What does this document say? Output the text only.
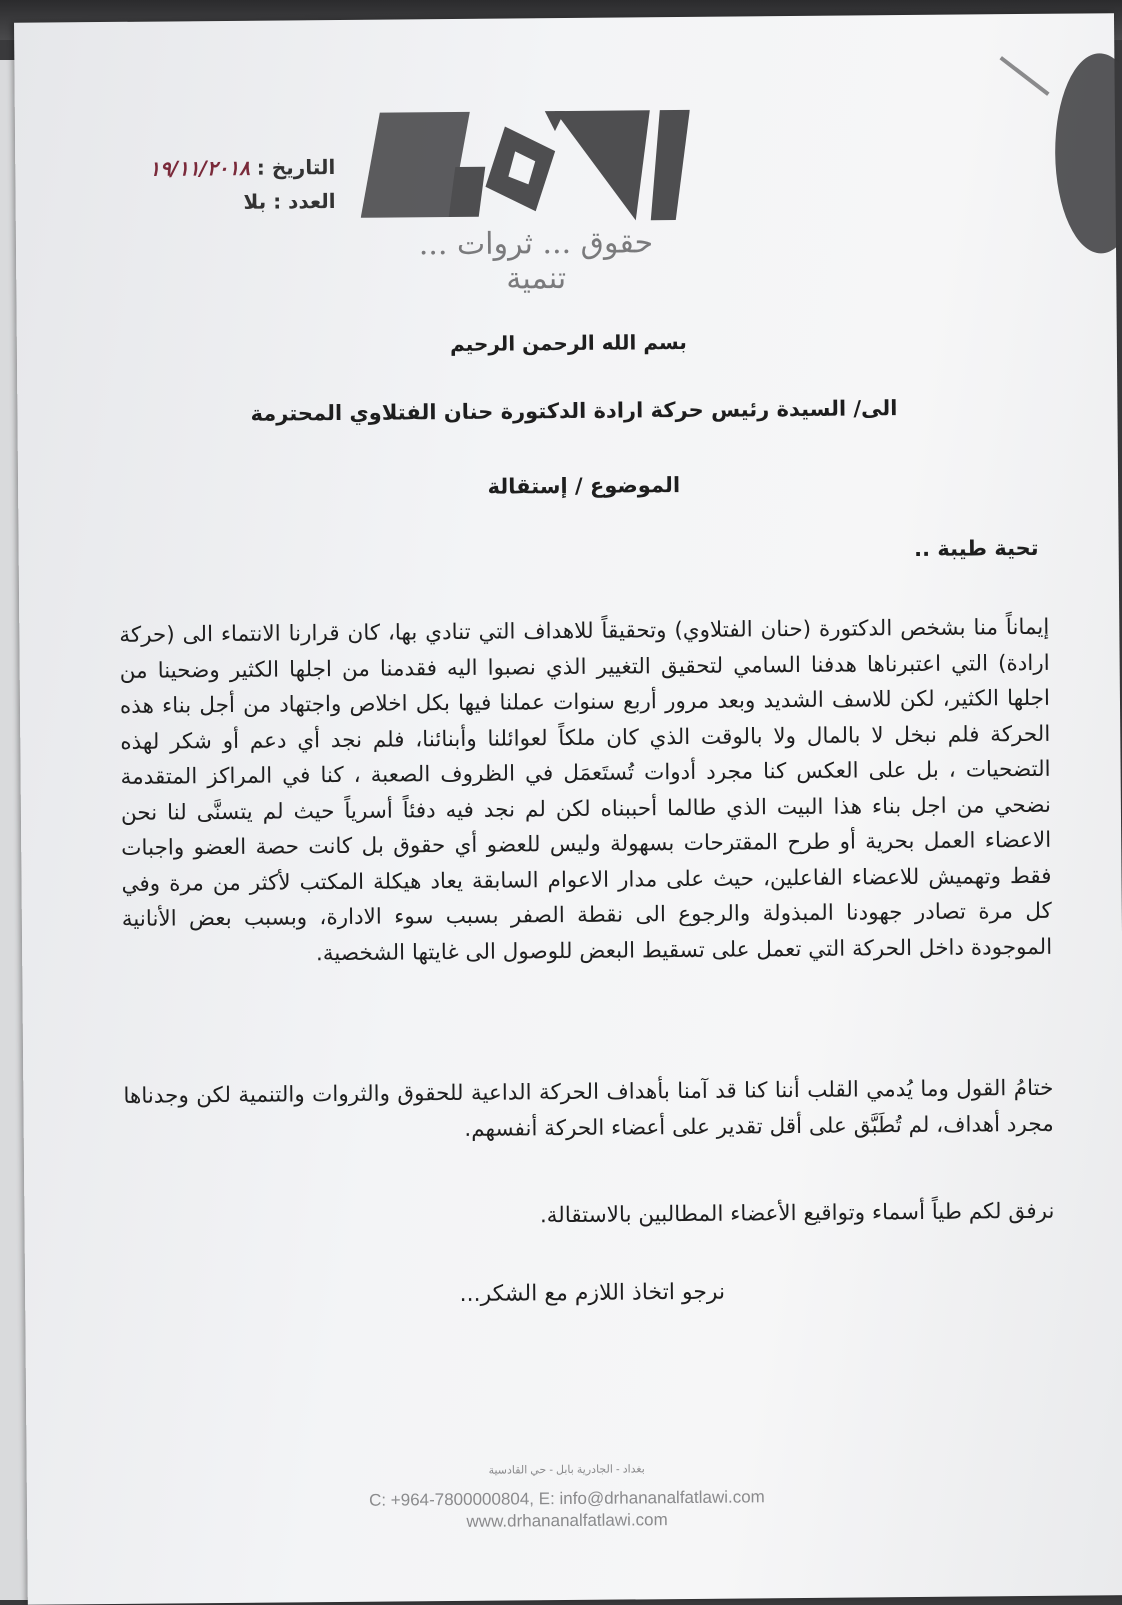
حقوق ... ثروات ... تنمية
التاريخ : ١٩/١١/٢٠١٨
العدد : بلا
بسم الله الرحمن الرحيم
الى/ السيدة رئيس حركة ارادة الدكتورة حنان الفتلاوي المحترمة
الموضوع / إستقالة
تحية طيبة ..
إيماناً منا بشخص الدكتورة (حنان الفتلاوي) وتحقيقاً للاهداف التي تنادي بها، كان قرارنا الانتماء الى (حركة ارادة) التي اعتبرناها هدفنا السامي لتحقيق التغيير الذي نصبوا اليه فقدمنا من اجلها الكثير وضحينا من اجلها الكثير، لكن للاسف الشديد وبعد مرور أربع سنوات عملنا فيها بكل اخلاص واجتهاد من أجل بناء هذه الحركة فلم نبخل لا بالمال ولا بالوقت الذي كان ملكاً لعوائلنا وأبنائنا، فلم نجد أي دعم أو شكر لهذه التضحيات ، بل على العكس كنا مجرد أدوات تُستَعمَل في الظروف الصعبة ، كنا في المراكز المتقدمة نضحي من اجل بناء هذا البيت الذي طالما أحببناه لكن لم نجد فيه دفئاً أسرياً حيث لم يتسنَّى لنا نحن الاعضاء العمل بحرية أو طرح المقترحات بسهولة وليس للعضو أي حقوق بل كانت حصة العضو واجبات فقط وتهميش للاعضاء الفاعلين، حيث على مدار الاعوام السابقة يعاد هيكلة المكتب لأكثر من مرة وفي كل مرة تصادر جهودنا المبذولة والرجوع الى نقطة الصفر بسبب سوء الادارة، وبسبب بعض الأنانية الموجودة داخل الحركة التي تعمل على تسقيط البعض للوصول الى غايتها الشخصية.
ختامُ القول وما يُدمي القلب أننا كنا قد آمنا بأهداف الحركة الداعية للحقوق والثروات والتنمية لكن وجدناها مجرد أهداف، لم تُطَبَّق على أقل تقدير على أعضاء الحركة أنفسهم.
نرفق لكم طياً أسماء وتواقيع الأعضاء المطالبين بالاستقالة.
نرجو اتخاذ اللازم مع الشكر...
بغداد - الجادرية بابل - حي القادسية
C: +964-7800000804, E: info@drhananalfatlawi.com
www.drhananalfatlawi.com
